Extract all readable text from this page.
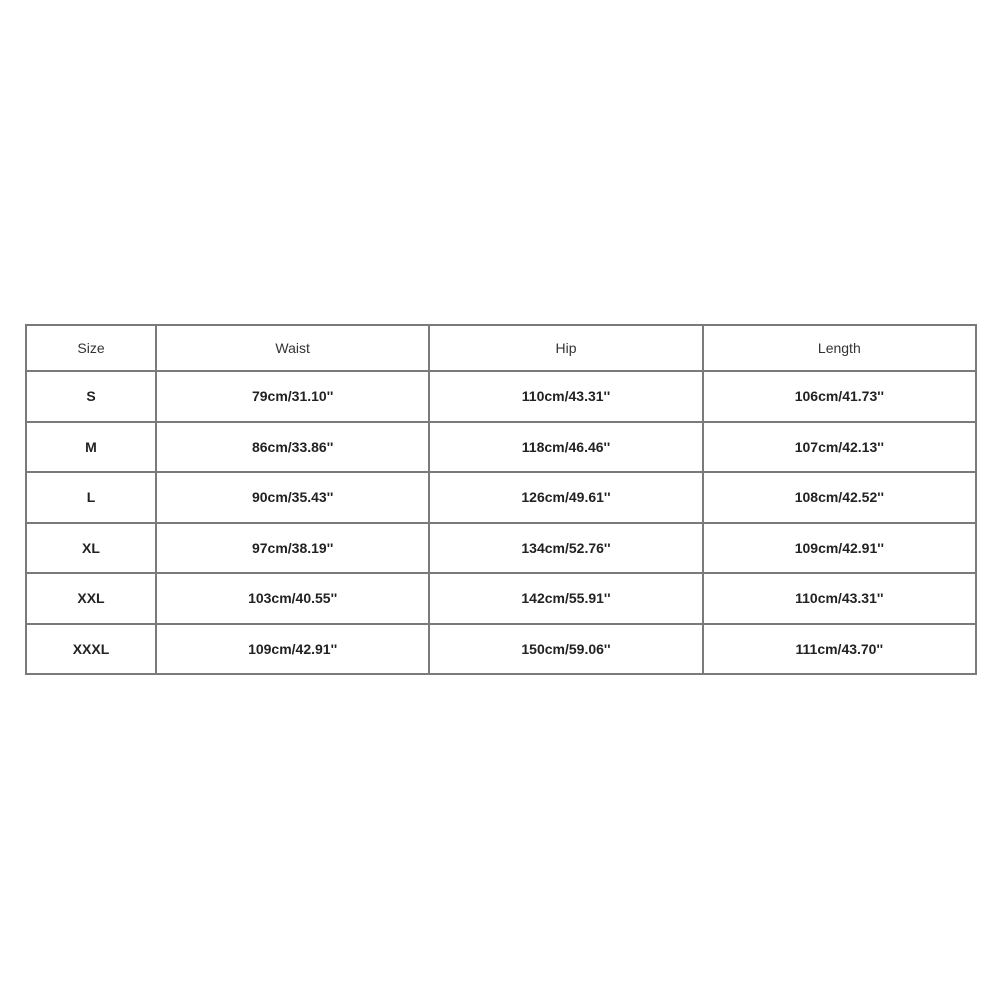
Size	Waist	Hip	Length
S	79cm/31.10''	110cm/43.31''	106cm/41.73''
M	86cm/33.86''	118cm/46.46''	107cm/42.13''
L	90cm/35.43''	126cm/49.61''	108cm/42.52''
XL	97cm/38.19''	134cm/52.76''	109cm/42.91''
XXL	103cm/40.55''	142cm/55.91''	110cm/43.31''
XXXL	109cm/42.91''	150cm/59.06''	111cm/43.70''
